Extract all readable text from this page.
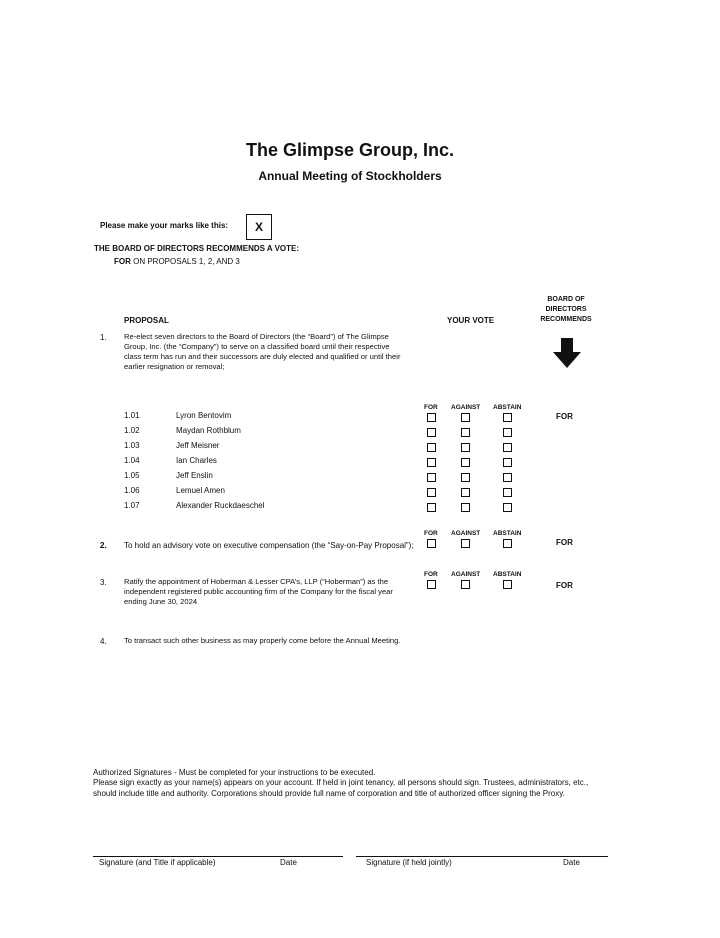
The Glimpse Group, Inc.
Annual Meeting of Stockholders
Please make your marks like this:	X
THE BOARD OF DIRECTORS RECOMMENDS A VOTE:
FOR ON PROPOSALS 1, 2, AND 3
PROPOSAL	YOUR VOTE
BOARD OF
DIRECTORS
RECOMMENDS
1. Re-elect seven directors to the Board of Directors (the “Board”) of The Glimpse Group, Inc. (the “Company”) to serve on a classified board until their respective class term has run and their successors are duly elected and qualified or until their earlier resignation or removal;
FOR AGAINST ABSTAIN
FOR
1.01	Lyron Bentovim
1.02	Maydan Rothblum
1.03	Jeff Meisner
1.04	Ian Charles
1.05	Jeff Enslin
1.06	Lemuel Amen
1.07	Alexander Ruckdaeschel
FOR AGAINST ABSTAIN
2. To hold an advisory vote on executive compensation (the “Say-on-Pay Proposal”);	FOR
FOR AGAINST ABSTAIN
3. Ratify the appointment of Hoberman & Lesser CPA’s, LLP (“Hoberman”) as the independent registered public accounting firm of the Company for the fiscal year ending June 30, 2024
FOR
4. To transact such other business as may properly come before the Annual Meeting.
Authorized Signatures - Must be completed for your instructions to be executed.
Please sign exactly as your name(s) appears on your account. If held in joint tenancy, all persons should sign. Trustees, administrators, etc., should include title and authority. Corporations should provide full name of corporation and title of authorized officer signing the Proxy.
Signature (and Title if applicable)	Date	Signature (if held jointly)	Date
